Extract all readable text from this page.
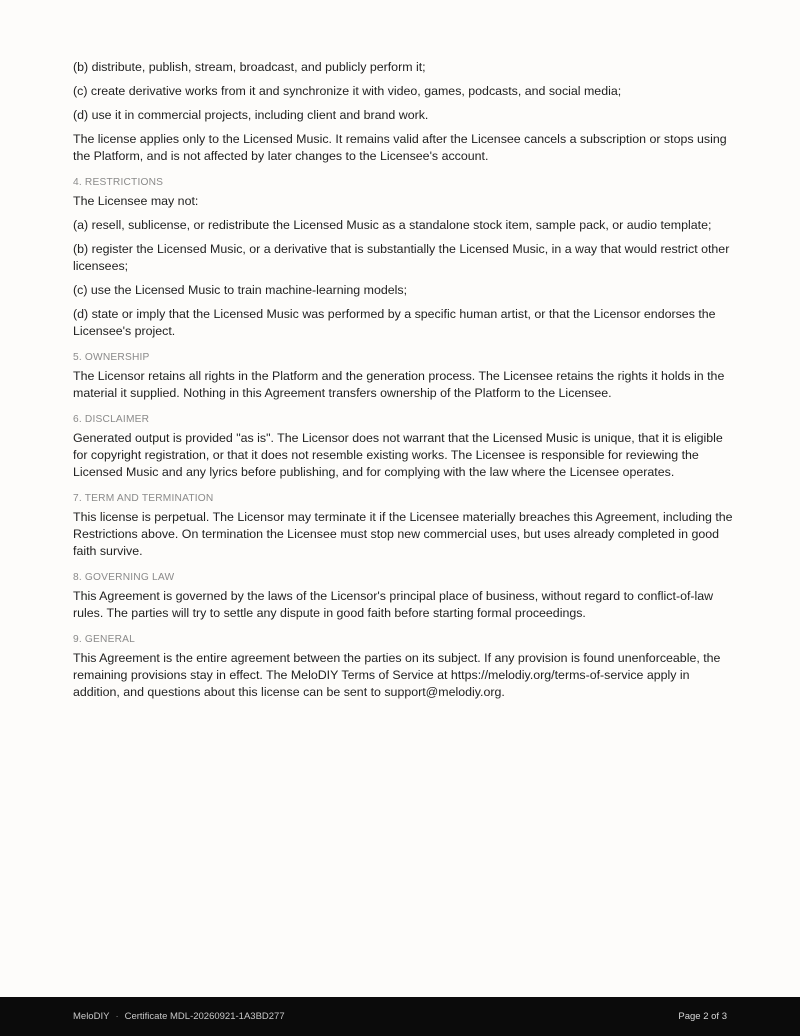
(b) distribute, publish, stream, broadcast, and publicly perform it;

(c) create derivative works from it and synchronize it with video, games, podcasts, and social media;

(d) use it in commercial projects, including client and brand work.

The license applies only to the Licensed Music. It remains valid after the Licensee cancels a subscription or stops using the Platform, and is not affected by later changes to the Licensee's account.

4. RESTRICTIONS

The Licensee may not:

(a) resell, sublicense, or redistribute the Licensed Music as a standalone stock item, sample pack, or audio template;

(b) register the Licensed Music, or a derivative that is substantially the Licensed Music, in a way that would restrict other licensees;

(c) use the Licensed Music to train machine-learning models;

(d) state or imply that the Licensed Music was performed by a specific human artist, or that the Licensor endorses the Licensee's project.

5. OWNERSHIP

The Licensor retains all rights in the Platform and the generation process. The Licensee retains the rights it holds in the material it supplied. Nothing in this Agreement transfers ownership of the Platform to the Licensee.

6. DISCLAIMER

Generated output is provided "as is". The Licensor does not warrant that the Licensed Music is unique, that it is eligible for copyright registration, or that it does not resemble existing works. The Licensee is responsible for reviewing the Licensed Music and any lyrics before publishing, and for complying with the law where the Licensee operates.

7. TERM AND TERMINATION

This license is perpetual. The Licensor may terminate it if the Licensee materially breaches this Agreement, including the Restrictions above. On termination the Licensee must stop new commercial uses, but uses already completed in good faith survive.

8. GOVERNING LAW

This Agreement is governed by the laws of the Licensor's principal place of business, without regard to conflict-of-law rules. The parties will try to settle any dispute in good faith before starting formal proceedings.

9. GENERAL

This Agreement is the entire agreement between the parties on its subject. If any provision is found unenforceable, the remaining provisions stay in effect. The MeloDIY Terms of Service at https://melodiy.org/terms-of-service apply in addition, and questions about this license can be sent to support@melodiy.org.

MeloDIY · Certificate MDL-20260921-1A3BD277	Page 2 of 3
